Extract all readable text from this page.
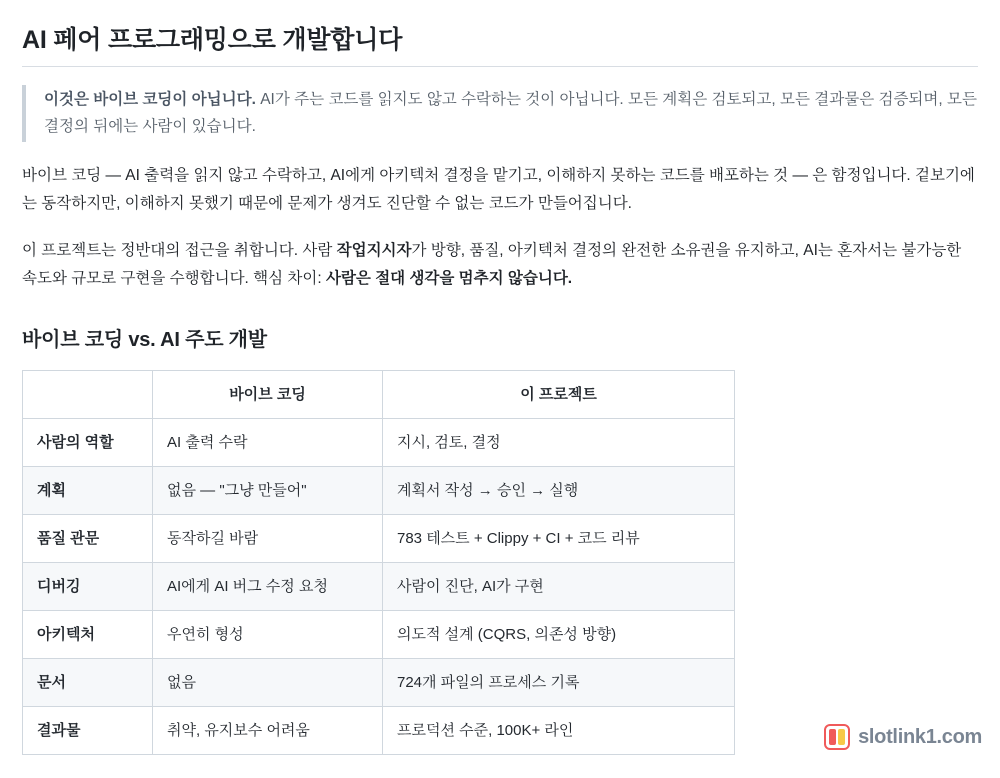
AI 페어 프로그래밍으로 개발합니다
이것은 바이브 코딩이 아닙니다. AI가 주는 코드를 읽지도 않고 수락하는 것이 아닙니다. 모든 계획은 검토되고, 모든 결과물은 검증되며, 모든 결정의 뒤에는 사람이 있습니다.

바이브 코딩 — AI 출력을 읽지 않고 수락하고, AI에게 아키텍처 결정을 맡기고, 이해하지 못하는 코드를 배포하는 것 — 은 함정입니다. 겉보기에는 동작하지만, 이해하지 못했기 때문에 문제가 생겨도 진단할 수 없는 코드가 만들어집니다.

이 프로젝트는 정반대의 접근을 취합니다. 사람 작업지시자가 방향, 품질, 아키텍처 결정의 완전한 소유권을 유지하고, AI는 혼자서는 불가능한 속도와 규모로 구현을 수행합니다. 핵심 차이: 사람은 절대 생각을 멈추지 않습니다.

바이브 코딩 vs. AI 주도 개발
	바이브 코딩	이 프로젝트
사람의 역할	AI 출력 수락	지시, 검토, 결정
계획	없음 — "그냥 만들어"	계획서 작성 → 승인 → 실행
품질 관문	동작하길 바람	783 테스트 + Clippy + CI + 코드 리뷰
디버깅	AI에게 AI 버그 수정 요청	사람이 진단, AI가 구현
아키텍처	우연히 형성	의도적 설계 (CQRS, 의존성 방향)
문서	없음	724개 파일의 프로세스 기록
결과물	취약, 유지보수 어려움	프로덕션 수준, 100K+ 라인	slotlink1.com
